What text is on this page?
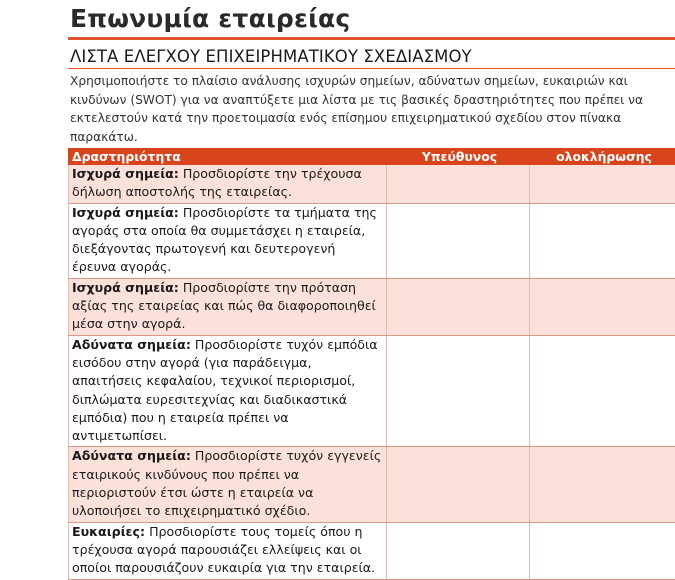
Επωνυμία εταιρείας
ΛΙΣΤΑ ΕΛΕΓΧΟΥ ΕΠΙΧΕΙΡΗΜΑΤΙΚΟΥ ΣΧΕΔΙΑΣΜΟΥ
Χρησιμοποιήστε το πλαίσιο ανάλυσης ισχυρών σημείων, αδύνατων σημείων, ευκαιριών και κινδύνων (SWOT) για να αναπτύξετε μια λίστα με τις βασικές δραστηριότητες που πρέπει να εκτελεστούν κατά την προετοιμασία ενός επίσημου επιχειρηματικού σχεδίου στον πίνακα παρακάτω.
Δραστηριότητα	Υπεύθυνος	ολοκλήρωσης
Ισχυρά σημεία: Προσδιορίστε την τρέχουσα δήλωση αποστολής της εταιρείας.		
Ισχυρά σημεία: Προσδιορίστε τα τμήματα της αγοράς στα οποία θα συμμετάσχει η εταιρεία, διεξάγοντας πρωτογενή και δευτερογενή έρευνα αγοράς.		
Ισχυρά σημεία: Προσδιορίστε την πρόταση αξίας της εταιρείας και πώς θα διαφοροποιηθεί μέσα στην αγορά.		
Αδύνατα σημεία: Προσδιορίστε τυχόν εμπόδια εισόδου στην αγορά (για παράδειγμα, απαιτήσεις κεφαλαίου, τεχνικοί περιορισμοί, διπλώματα ευρεσιτεχνίας και διαδικαστικά εμπόδια) που η εταιρεία πρέπει να αντιμετωπίσει.		
Αδύνατα σημεία: Προσδιορίστε τυχόν εγγενείς εταιρικούς κινδύνους που πρέπει να περιοριστούν έτσι ώστε η εταιρεία να υλοποιήσει το επιχειρηματικό σχέδιο.		
Ευκαιρίες: Προσδιορίστε τους τομείς όπου η τρέχουσα αγορά παρουσιάζει ελλείψεις και οι οποίοι παρουσιάζουν ευκαιρία για την εταιρεία.		
